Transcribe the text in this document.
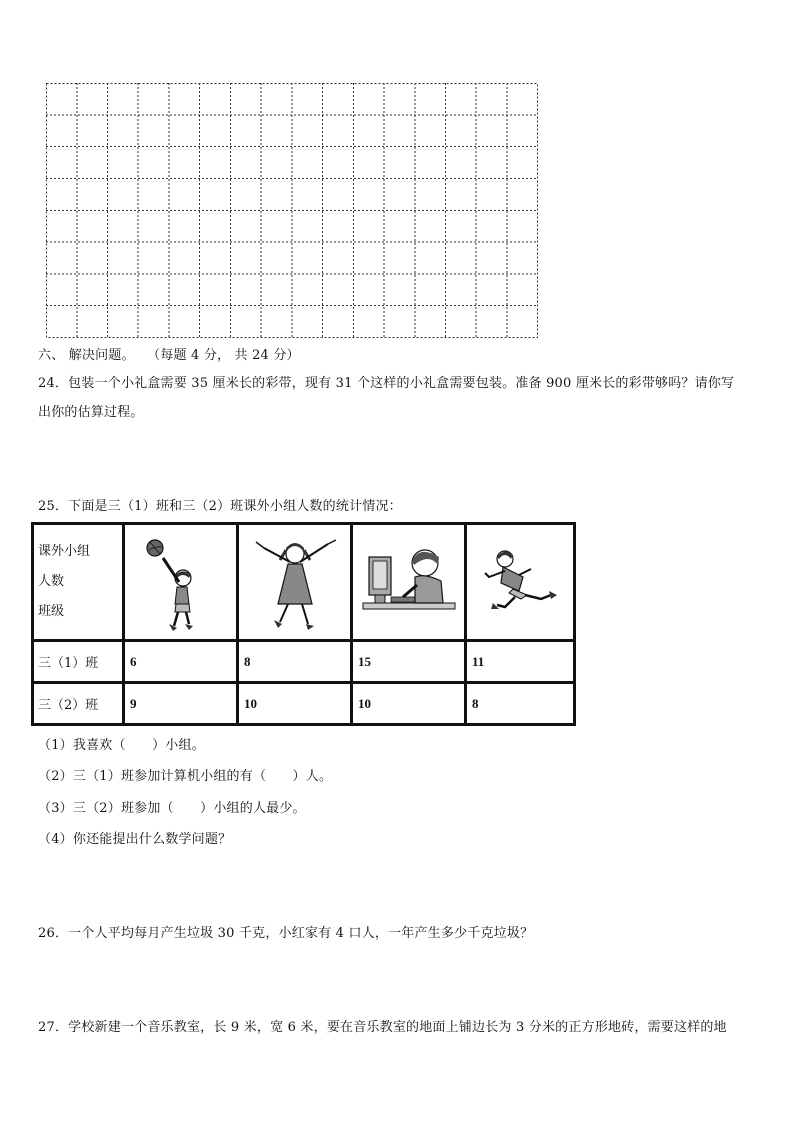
六、 解决问题。 （每题 4 分， 共 24 分）
24．包装一个小礼盒需要 35 厘米长的彩带，现有 31 个这样的小礼盒需要包装。准备 900 厘米长的彩带够吗？请你写
出你的估算过程。
25．下面是三（1）班和三（2）班课外小组人数的统计情况：
课外小组
人数
班级

三（1）班	6	8	15	11
三（2）班	9	10	10	8
（1）我喜欢（　　）小组。
（2）三（1）班参加计算机小组的有（　　）人。
（3）三（2）班参加（　　）小组的人最少。
（4）你还能提出什么数学问题？
26．一个人平均每月产生垃圾 30 千克，小红家有 4 口人，一年产生多少千克垃圾？
27．学校新建一个音乐教室，长 9 米，宽 6 米，要在音乐教室的地面上铺边长为 3 分米的正方形地砖，需要这样的地
